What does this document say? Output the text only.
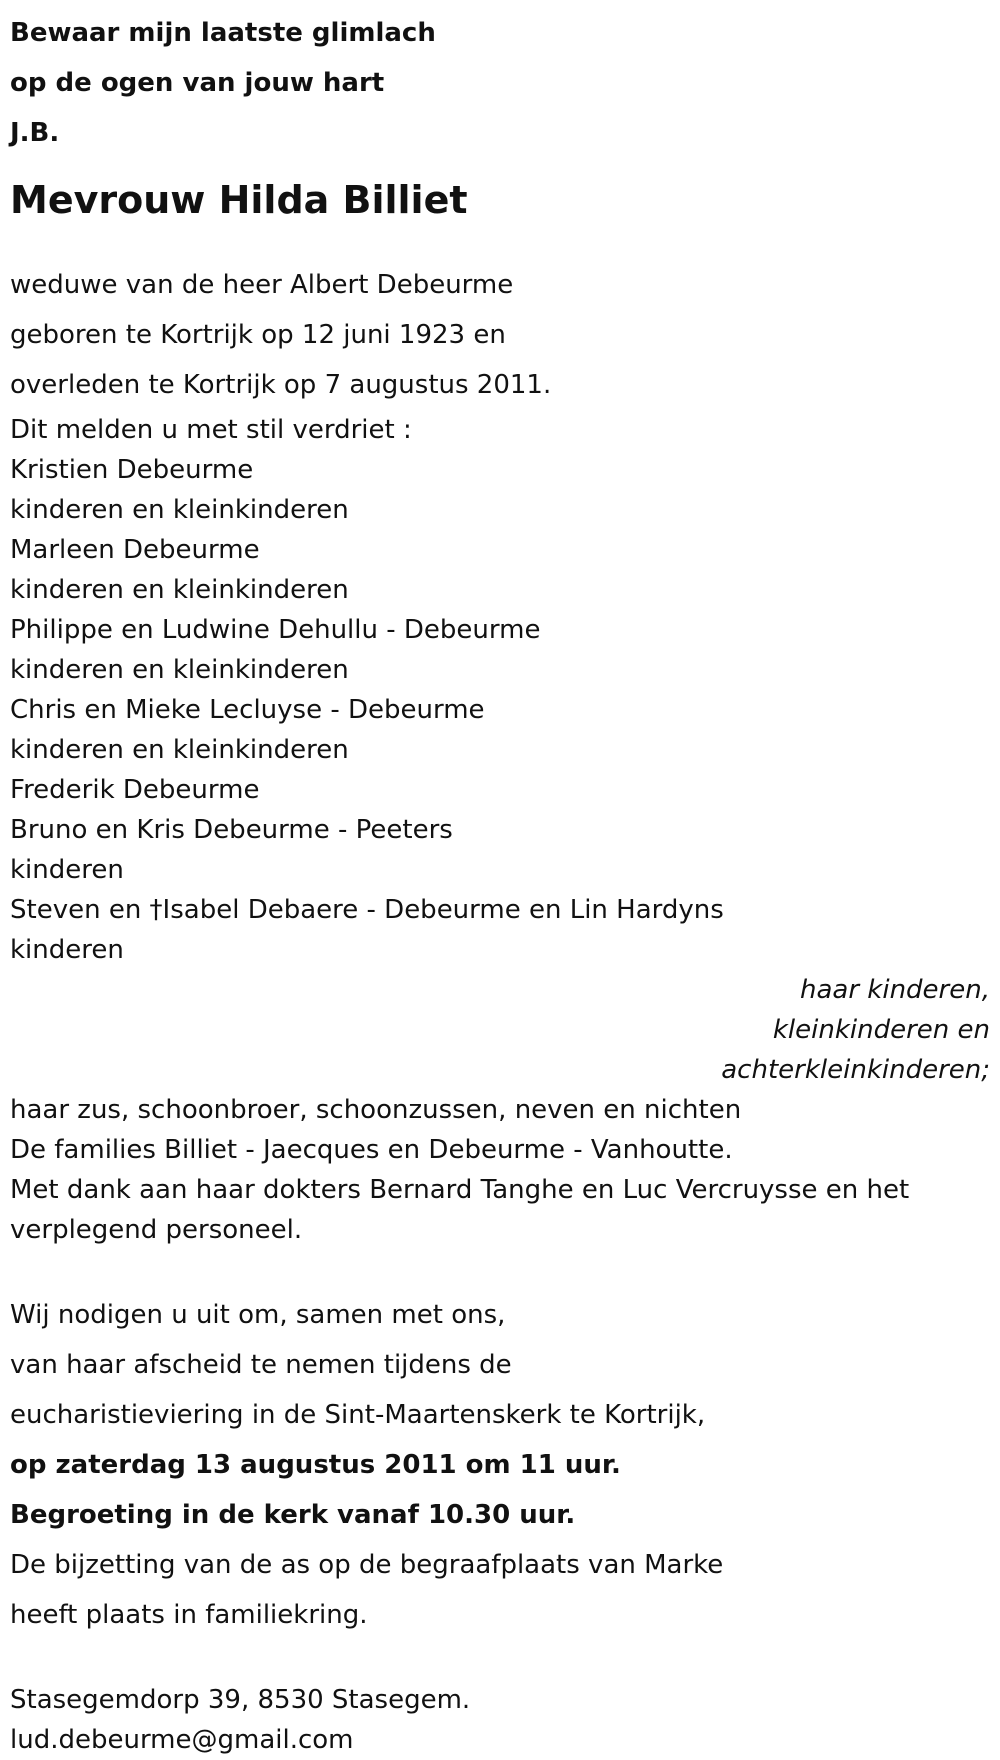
Bewaar mijn laatste glimlach
op de ogen van jouw hart
J.B.
Mevrouw Hilda Billiet
weduwe van de heer Albert Debeurme
geboren te Kortrijk op 12 juni 1923 en
overleden te Kortrijk op 7 augustus 2011.
Dit melden u met stil verdriet :
Kristien Debeurme
kinderen en kleinkinderen
Marleen Debeurme
kinderen en kleinkinderen
Philippe en Ludwine Dehullu - Debeurme
kinderen en kleinkinderen
Chris en Mieke Lecluyse - Debeurme
kinderen en kleinkinderen
Frederik Debeurme
Bruno en Kris Debeurme - Peeters
kinderen
Steven en †Isabel Debaere - Debeurme en Lin Hardyns
kinderen
haar kinderen,
kleinkinderen en
achterkleinkinderen;
haar zus, schoonbroer, schoonzussen, neven en nichten
De families Billiet - Jaecques en Debeurme - Vanhoutte.
Met dank aan haar dokters Bernard Tanghe en Luc Vercruysse en het verplegend personeel.
Wij nodigen u uit om, samen met ons,
van haar afscheid te nemen tijdens de
eucharistieviering in de Sint-Maartenskerk te Kortrijk,
op zaterdag 13 augustus 2011 om 11 uur.
Begroeting in de kerk vanaf 10.30 uur.
De bijzetting van de as op de begraafplaats van Marke
heeft plaats in familiekring.
Stasegemdorp 39, 8530 Stasegem.
lud.debeurme@gmail.com
